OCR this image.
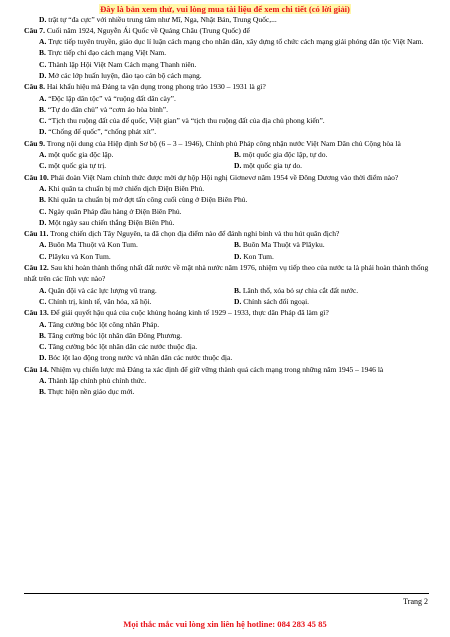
Đây là bản xem thử, vui lòng mua tài liệu để xem chi tiết (có lời giải)
D. trật tự “đa cực” với nhiều trung tâm như Mĩ, Nga, Nhật Bản, Trung Quốc,...
Câu 7. Cuối năm 1924, Nguyễn Ái Quốc về Quảng Châu (Trung Quốc) để
A. Trực tiếp tuyên truyền, giáo dục lí luận cách mạng cho nhân dân, xây dựng tổ chức cách mạng giải phóng dân tộc Việt Nam.
B. Trực tiếp chỉ đạo cách mạng Việt Nam.
C. Thành lập Hội Việt Nam Cách mạng Thanh niên.
D. Mở các lớp huấn luyện, đào tạo cán bộ cách mạng.
Câu 8. Hai khẩu hiệu mà Đảng ta vận dụng trong phong trào 1930 – 1931 là gì?
A. “Độc lập dân tộc” và “ruộng đất dân cày”.
B. “Tự do dân chủ” và “cơm áo hòa bình”.
C. “Tịch thu ruộng đất của đế quốc, Việt gian” và “tịch thu ruộng đất của địa chủ phong kiến”.
D. “Chống đế quốc”, “chống phát xít”.
Câu 9. Trong nội dung của Hiệp định Sơ bộ (6 – 3 – 1946), Chính phủ Pháp công nhận nước Việt Nam Dân chủ Cộng hòa là
A. một quốc gia độc lập.	B. một quốc gia độc lập, tự do.
C. một quốc gia tự trị.	D. một quốc gia tự do.
Câu 10. Phái đoàn Việt Nam chính thức được mời dự hộp Hội nghị Giơnevơ năm 1954 về Đông Dương vào thời điểm nào?
A. Khi quân ta chuẩn bị mở chiến dịch Điện Biên Phủ.
B. Khi quân ta chuẩn bị mở đợt tấn công cuối cùng ở Điện Biên Phủ.
C. Ngày quân Pháp đầu hàng ở Điện Biên Phủ.
D. Một ngày sau chiến thắng Điện Biên Phủ.
Câu 11. Trong chiến dịch Tây Nguyên, ta đã chọn địa điểm nào để đánh nghi binh và thu hút quân địch?
A. Buôn Ma Thuột và Kon Tum.	B. Buôn Ma Thuột và Plâyku.
C. Plâyku và Kon Tum.	D. Kon Tum.
Câu 12. Sau khi hoàn thành thống nhất đất nước về mặt nhà nước năm 1976, nhiệm vụ tiếp theo của nước ta là phải hoàn thành thống nhất trên các lĩnh vực nào?
A. Quân đội và các lực lượng vũ trang.	B. Lãnh thổ, xóa bỏ sự chia cắt đất nước.
C. Chính trị, kinh tế, văn hóa, xã hội.	D. Chính sách đối ngoại.
Câu 13. Để giải quyết hậu quả của cuộc khủng hoảng kinh tế 1929 – 1933, thực dân Pháp đã làm gì?
A. Tăng cường bóc lột công nhân Pháp.
B. Tăng cường bóc lột nhân dân Đông Phương.
C. Tăng cường bóc lột nhân dân các nước thuộc địa.
D. Bóc lột lao động trong nước và nhân dân các nước thuộc địa.
Câu 14. Nhiệm vụ chiến lược mà Đảng ta xác định để giữ vững thành quả cách mạng trong những năm 1945 – 1946 là
A. Thành lập chính phủ chính thức.
B. Thực hiện nền giáo dục mới.
Trang 2
Mọi thắc mắc vui lòng xin liên hệ hotline: 084 283 45 85
